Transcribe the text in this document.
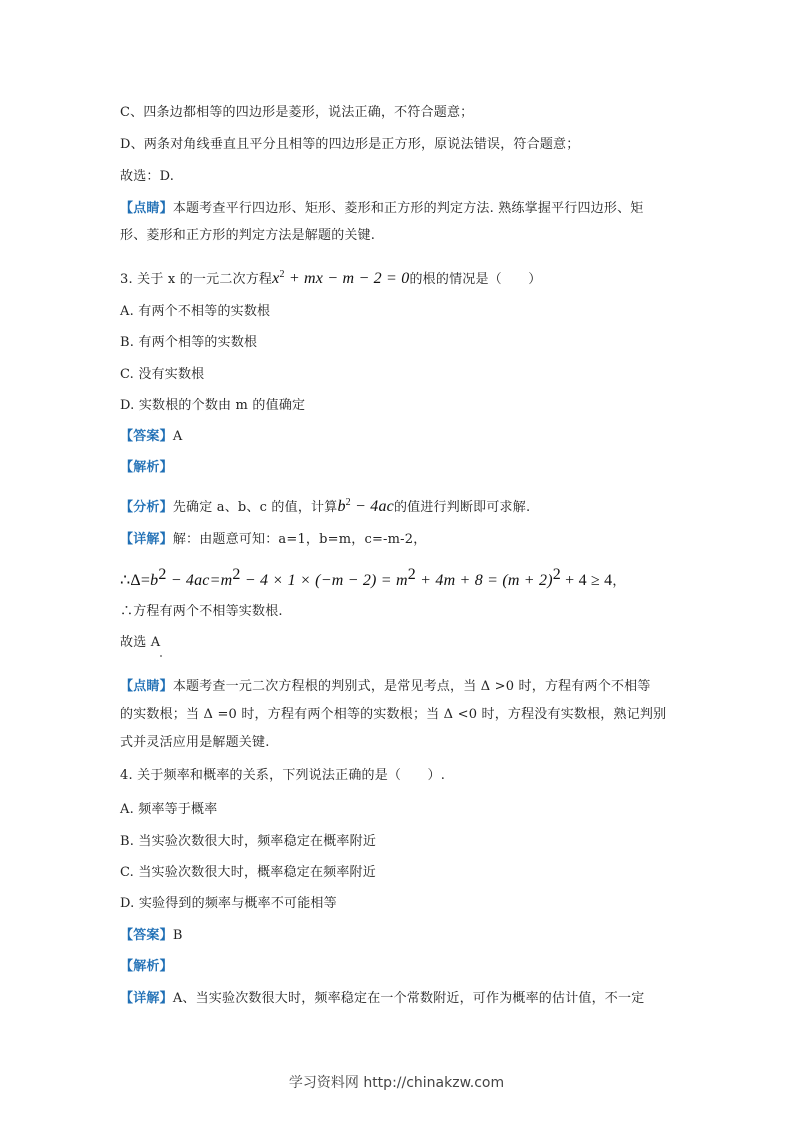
C、四条边都相等的四边形是菱形，说法正确，不符合题意；
D、两条对角线垂直且平分且相等的四边形是正方形，原说法错误，符合题意；
故选：D.
【点睛】本题考查平行四边形、矩形、菱形和正方形的判定方法. 熟练掌握平行四边形、矩
形、菱形和正方形的判定方法是解题的关键.
3. 关于 x 的一元二次方程$x^2$ + mx − m − 2 = 0的根的情况是（　　）
A. 有两个不相等的实数根
B. 有两个相等的实数根
C. 没有实数根
D. 实数根的个数由 m 的值确定
【答案】A
【解析】
【分析】先确定 a、b、c 的值，计算$b^2 - 4ac$的值进行判断即可求解.
【详解】解：由题意可知：a=1，b=m，c=-m-2，
$\therefore\Delta=b^2 - 4ac=m^2 - 4 \times 1 \times (-m - 2) = m^2 + 4m + 8 = (m + 2)^2 + 4 \ge 4$，
∴方程有两个不相等实数根.
故选 A
【点睛】本题考查一元二次方程根的判别式，是常见考点，当 Δ >0 时，方程有两个不相等
的实数根；当 Δ =0 时，方程有两个相等的实数根；当 Δ <0 时，方程没有实数根，熟记判别
式并灵活应用是解题关键.
4. 关于频率和概率的关系，下列说法正确的是（　　）.
A. 频率等于概率
B. 当实验次数很大时，频率稳定在概率附近
C. 当实验次数很大时，概率稳定在频率附近
D. 实验得到的频率与概率不可能相等
【答案】B
【解析】
【详解】A、当实验次数很大时，频率稳定在一个常数附近，可作为概率的估计值，不一定
学习资料网 http://chinakzw.com
